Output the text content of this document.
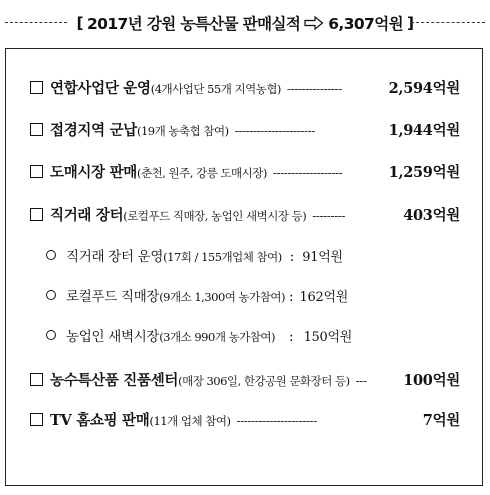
[ 2017년 강원 농특산물 판매실적 6,307억원 ]
연합사업단 운영 (4개사업단 55개 지역농협) ---------------	2,594억원
접경지역 군납 (19개 농축협 참여) ----------------------	1,944억원
도매시장 판매 (춘천, 원주, 강릉 도매시장) -------------------	1,259억원
직거래 장터 (로컬푸드 직매장, 농업인 새벽시장 등) ---------	403억원
직거래 장터 운영 (17회 / 155개업체 참여) : 91억원
로컬푸드 직매장 (9개소 1,300여 농가참여) : 162억원
농업인 새벽시장 (3개소 990개 농가참여) : 150억원
농수특산품 진품센터 (매장 306일, 한강공원 문화장터 등) ---	100억원
TV 홈쇼핑 판매 (11개 업체 참여) ----------------------	7억원
